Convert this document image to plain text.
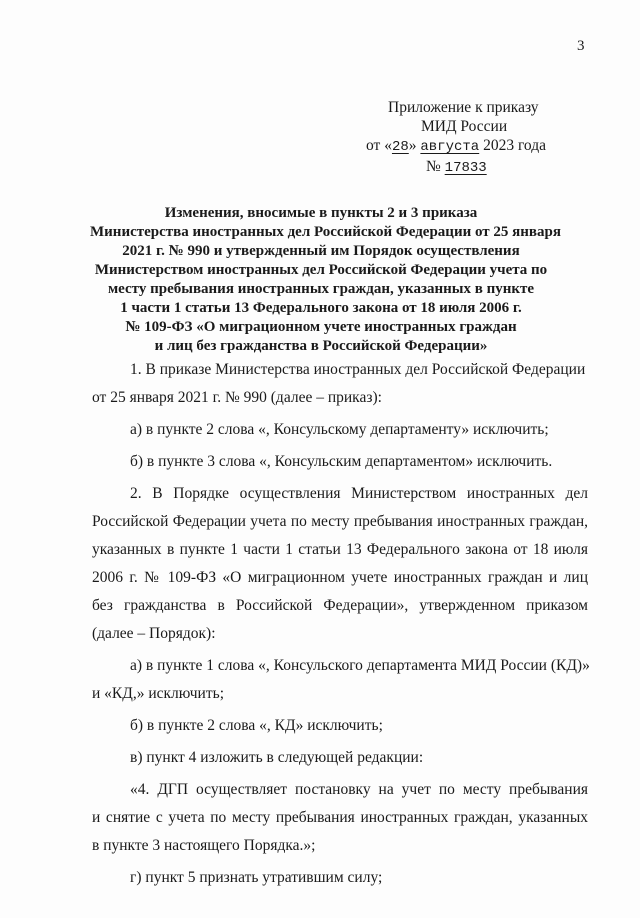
3
Приложение к приказу
МИД России
от «28» августа 2023 года
№ 17833
Изменения, вносимые в пункты 2 и 3 приказа
Министерства иностранных дел Российской Федерации от 25 января
2021 г. № 990 и утвержденный им Порядок осуществления
Министерством иностранных дел Российской Федерации учета по
месту пребывания иностранных граждан, указанных в пункте
1 части 1 статьи 13 Федерального закона от 18 июля 2006 г.
№ 109-ФЗ «О миграционном учете иностранных граждан
и лиц без гражданства в Российской Федерации»
1. В приказе Министерства иностранных дел Российской Федерации
от 25 января 2021 г. № 990 (далее – приказ):
а) в пункте 2 слова «, Консульскому департаменту» исключить;
б) в пункте 3 слова «, Консульским департаментом» исключить.
2. В Порядке осуществления Министерством иностранных дел
Российской Федерации учета по месту пребывания иностранных граждан,
указанных в пункте 1 части 1 статьи 13 Федерального закона от 18 июля
2006 г. № 109-ФЗ «О миграционном учете иностранных граждан и лиц
без гражданства в Российской Федерации», утвержденном приказом
(далее – Порядок):
а) в пункте 1 слова «, Консульского департамента МИД России (КД)»
и «КД,» исключить;
б) в пункте 2 слова «, КД» исключить;
в) пункт 4 изложить в следующей редакции:
«4. ДГП осуществляет постановку на учет по месту пребывания
и снятие с учета по месту пребывания иностранных граждан, указанных
в пункте 3 настоящего Порядка.»;
г) пункт 5 признать утратившим силу;
